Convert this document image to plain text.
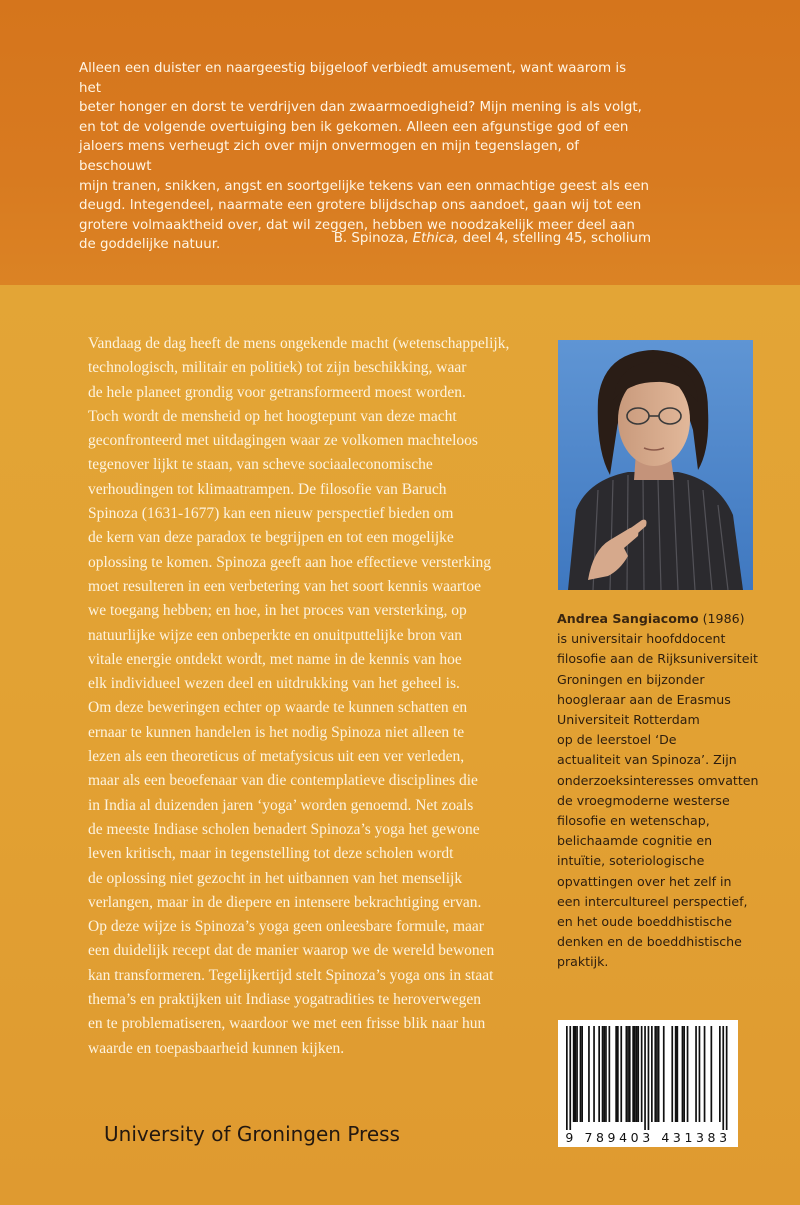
Alleen een duister en naargeestig bijgeloof verbiedt amusement, want waarom is het

beter honger en dorst te verdrijven dan zwaarmoedigheid? Mijn mening is als volgt,

en tot de volgende overtuiging ben ik gekomen. Alleen een afgunstige god of een

jaloers mens verheugt zich over mijn onvermogen en mijn tegenslagen, of beschouwt

mijn tranen, snikken, angst en soortgelijke tekens van een onmachtige geest als een

deugd. Integendeel, naarmate een grotere blijdschap ons aandoet, gaan wij tot een

grotere volmaaktheid over, dat wil zeggen, hebben we noodzakelijk meer deel aan

de goddelijke natuur.	B. Spinoza, Ethica, deel 4, stelling 45, scholium
Vandaag de dag heeft de mens ongekende macht (wetenschappelijk,
technologisch, militair en politiek) tot zijn beschikking, waar
de hele planeet grondig voor getransformeerd moest worden.
Toch wordt de mensheid op het hoogtepunt van deze macht
geconfronteerd met uitdagingen waar ze volkomen machteloos
tegenover lijkt te staan, van scheve sociaaleconomische
verhoudingen tot klimaatrampen. De filosofie van Baruch
Spinoza (1631-1677) kan een nieuw perspectief bieden om
de kern van deze paradox te begrijpen en tot een mogelijke
oplossing te komen. Spinoza geeft aan hoe effectieve versterking
moet resulteren in een verbetering van het soort kennis waartoe
we toegang hebben; en hoe, in het proces van versterking, op
natuurlijke wijze een onbeperkte en onuitputtelijke bron van
vitale energie ontdekt wordt, met name in de kennis van hoe
elk individueel wezen deel en uitdrukking van het geheel is.
Om deze beweringen echter op waarde te kunnen schatten en
ernaar te kunnen handelen is het nodig Spinoza niet alleen te
lezen als een theoreticus of metafysicus uit een ver verleden,
maar als een beoefenaar van die contemplatieve disciplines die
in India al duizenden jaren ‘yoga’ worden genoemd. Net zoals
de meeste Indiase scholen benadert Spinoza’s yoga het gewone
leven kritisch, maar in tegenstelling tot deze scholen wordt
de oplossing niet gezocht in het uitbannen van het menselijk
verlangen, maar in de diepere en intensere bekrachtiging ervan.
Op deze wijze is Spinoza’s yoga geen onleesbare formule, maar
een duidelijk recept dat de manier waarop we de wereld bewonen
kan transformeren. Tegelijkertijd stelt Spinoza’s yoga ons in staat
thema’s en praktijken uit Indiase yogatradities te heroverwegen
en te problematiseren, waardoor we met een frisse blik naar hun
waarde en toepasbaarheid kunnen kijken.
Andrea Sangiacomo (1986)
is universitair hoofddocent
filosofie aan de Rijksuniversiteit
Groningen en bijzonder
hoogleraar aan de Erasmus
Universiteit Rotterdam
op de leerstoel ‘De
actualiteit van Spinoza’. Zijn
onderzoeksinteresses omvatten
de vroegmoderne westerse
filosofie en wetenschap,
belichaamde cognitie en
intuïtie, soteriologische
opvattingen over het zelf in
een intercultureel perspectief,
en het oude boeddhistische
denken en de boeddhistische
praktijk.
University of Groningen Press	9 789403 431383
